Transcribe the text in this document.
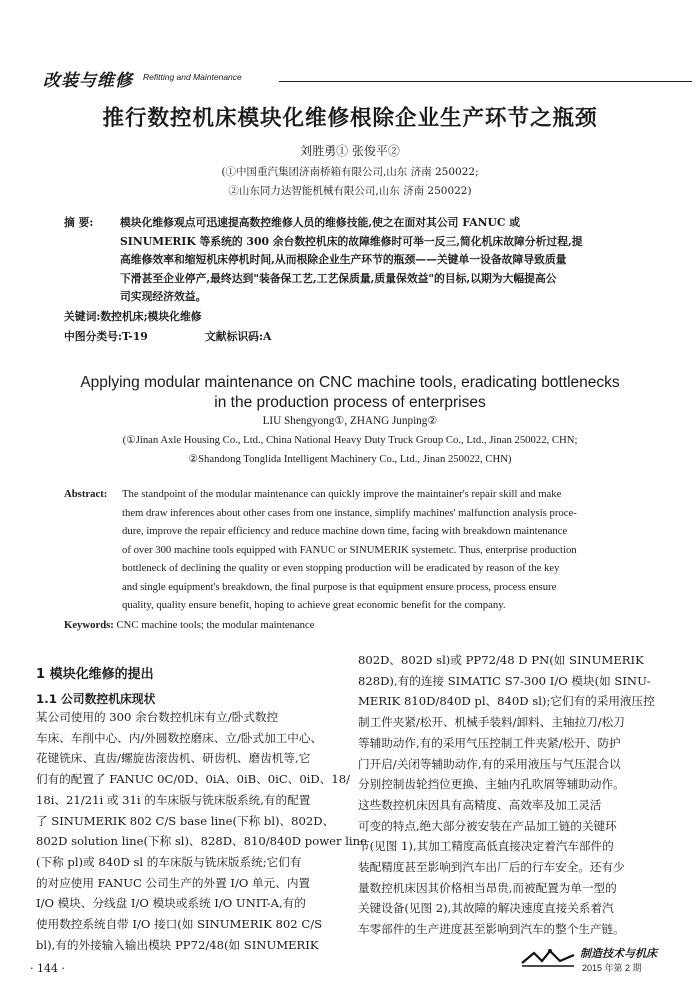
改装与维修 Refitting and Maintenance
推行数控机床模块化维修根除企业生产环节之瓶颈
刘胜勇① 张俊平②
(①中国重汽集团济南桥箱有限公司,山东 济南 250022;
②山东同力达智能机械有限公司,山东 济南 250022)
摘 要: 模块化维修观点可迅速提高数控维修人员的维修技能,使之在面对其公司 FANUC 或
SINUMERIK 等系统的 300 余台数控机床的故障维修时可举一反三,简化机床故障分析过程,提
高维修效率和缩短机床停机时间,从而根除企业生产环节的瓶颈——关键单一设备故障导致质量
下滑甚至企业停产,最终达到"装备保工艺,工艺保质量,质量保效益"的目标,以期为大幅提高公
司实现经济效益。
关键词:数控机床;模块化维修
中图分类号:T-19	文献标识码:A
Applying modular maintenance on CNC machine tools, eradicating bottlenecks
in the production process of enterprises
LIU Shengyong①, ZHANG Junping②
(①Jinan Axle Housing Co., Ltd., China National Heavy Duty Truck Group Co., Ltd., Jinan 250022, CHN;
②Shandong Tonglida Intelligent Machinery Co., Ltd., Jinan 250022, CHN)
Abstract: The standpoint of the modular maintenance can quickly improve the maintainer's repair skill and make
them draw inferences about other cases from one instance, simplify machines' malfunction analysis proce-
dure, improve the repair efficiency and reduce machine down time, facing with breakdown maintenance
of over 300 machine tools equipped with FANUC or SINUMERIK systemetc. Thus, enterprise production
bottleneck of declining the quality or even stopping production will be eradicated by reason of the key
and single equipment's breakdown, the final purpose is that equipment ensure process, process ensure
quality, quality ensure benefit, hoping to achieve great economic benefit for the company.
Keywords: CNC machine tools; the modular maintenance
1 模块化维修的提出
1.1 公司数控机床现状
某公司使用的 300 余台数控机床有立/卧式数控
车床、车削中心、内/外圆数控磨床、立/卧式加工中心、
花键铣床、直齿/螺旋齿滚齿机、研齿机、磨齿机等,它
们有的配置了 FANUC 0C/0D、0iA、0iB、0iC、0iD、18/
18i、21/21i 或 31i 的车床版与铣床版系统,有的配置
了 SINUMERIK 802 C/S base line(下称 bl)、802D、
802D solution line(下称 sl)、828D、810/840D power line
(下称 pl)或 840D sl 的车床版与铣床版系统;它们有
的对应使用 FANUC 公司生产的外置 I/O 单元、内置
I/O 模块、分线盘 I/O 模块或系统 I/O UNIT-A,有的
使用数控系统自带 I/O 接口(如 SINUMERIK 802 C/S
bl),有的外接输入输出模块 PP72/48(如 SINUMERIK
802D、802D sl)或 PP72/48 D PN(如 SINUMERIK
828D),有的连接 SIMATIC S7-300 I/O 模块(如 SINU-
MERIK 810D/840D pl、840D sl);它们有的采用液压控
制工件夹紧/松开、机械手装料/卸料、主轴拉刀/松刀
等辅助动作,有的采用气压控制工件夹紧/松开、防护
门开启/关闭等辅助动作,有的采用液压与气压混合以
分别控制齿轮挡位更换、主轴内孔吹屑等辅助动作。
这些数控机床因具有高精度、高效率及加工灵活
可变的特点,绝大部分被安装在产品加工链的关键环
节(见图 1),其加工精度高低直接决定着汽车部件的
装配精度甚至影响到汽车出厂后的行车安全。还有少
量数控机床因其价格相当昂贵,而被配置为单一型的
关键设备(见图 2),其故障的解决速度直接关系着汽
车零部件的生产进度甚至影响到汽车的整个生产链。
· 144 ·
制造技术与机床
2015 年第 2 期
